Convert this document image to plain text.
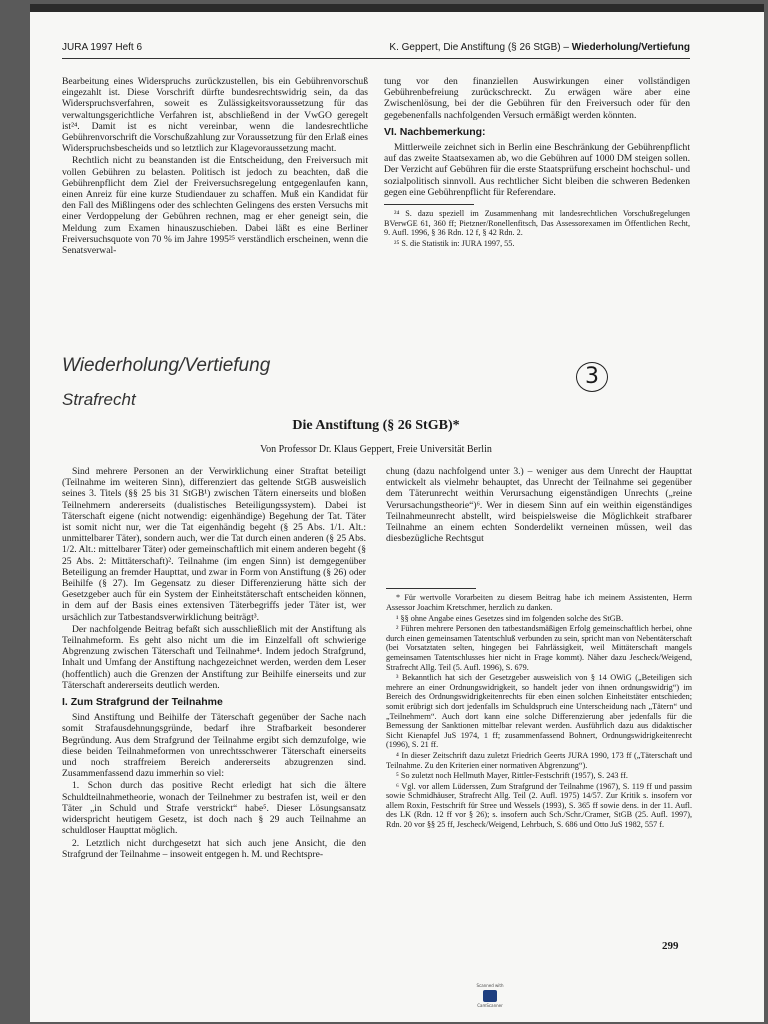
JURA 1997 Heft 6	K. Geppert, Die Anstiftung (§ 26 StGB) – Wiederholung/Vertiefung

Bearbeitung eines Widerspruchs zurückzustellen, bis ein Gebührenvorschuß eingezahlt ist. Diese Vorschrift dürfte bundesrechtswidrig sein, da das Widerspruchsverfahren, soweit es Zulässigkeitsvoraussetzung für das verwaltungsgerichtliche Verfahren ist, abschließend in der VwGO geregelt ist²⁴. Damit ist es nicht vereinbar, wenn die landesrechtliche Gebührenvorschrift die Vorschußzahlung zur Voraussetzung für den Erlaß eines Widerspruchsbescheids und so letztlich zur Klagevoraussetzung macht.

Rechtlich nicht zu beanstanden ist die Entscheidung, den Freiversuch mit vollen Gebühren zu belasten. Politisch ist jedoch zu beachten, daß die Gebührenpflicht dem Ziel der Freiversuchsregelung entgegenlaufen kann, einen Anreiz für eine kurze Studiendauer zu schaffen. Muß ein Kandidat für den Fall des Mißlingens oder des schlechten Gelingens des ersten Versuchs mit einer Verdoppelung der Gebühren rechnen, mag er eher geneigt sein, die Meldung zum Examen hinauszuschieben. Dabei läßt es eine Berliner Freiversuchsquote von 70 % im Jahre 1995²⁵ verständlich erscheinen, wenn die Senatsverwal-

tung vor den finanziellen Auswirkungen einer vollständigen Gebührenbefreiung zurückschreckt. Zu erwägen wäre aber eine Zwischenlösung, bei der die Gebühren für den Freiversuch oder für den gegebenenfalls nachfolgenden Versuch ermäßigt werden könnten.

VI. Nachbemerkung:

Mittlerweile zeichnet sich in Berlin eine Beschränkung der Gebührenpflicht auf das zweite Staatsexamen ab, wo die Gebühren auf 1000 DM steigen sollen. Der Verzicht auf Gebühren für die erste Staatsprüfung erscheint hochschul- und sozialpolitisch sinnvoll. Aus rechtlicher Sicht bleiben die schweren Bedenken gegen eine Gebührenpflicht für Referendare.

²⁴ S. dazu speziell im Zusammenhang mit landesrechtlichen Vorschußregelungen BVerwGE 61, 360 ff; Pietzner/Ronellenfitsch, Das Assessorexamen im Öffentlichen Recht, 9. Aufl. 1996, § 36 Rdn. 12 f, § 42 Rdn. 2.

²⁵ S. die Statistik in: JURA 1997, 55.

Wiederholung/Vertiefung
Strafrecht
3
Die Anstiftung (§ 26 StGB)*
Von Professor Dr. Klaus Geppert, Freie Universität Berlin

Sind mehrere Personen an der Verwirklichung einer Straftat beteiligt (Teilnahme im weiteren Sinn), differenziert das geltende StGB ausweislich seines 3. Titels (§§ 25 bis 31 StGB¹) zwischen Tätern einerseits und bloßen Teilnehmern andererseits (dualistisches Beteiligungssystem). Dabei ist Täterschaft eigene (nicht notwendig: eigenhändige) Begehung der Tat. Täter ist somit nicht nur, wer die Tat eigenhändig begeht (§ 25 Abs. 1/1. Alt.: unmittelbarer Täter), sondern auch, wer die Tat durch einen anderen (§ 25 Abs. 1/2. Alt.: mittelbarer Täter) oder gemeinschaftlich mit einem anderen begeht (§ 25 Abs. 2: Mittäterschaft)². Teilnahme (im engen Sinn) ist demgegenüber Beteiligung an fremder Haupttat, und zwar in Form von Anstiftung (§ 26) oder Beihilfe (§ 27). Im Gegensatz zu dieser Differenzierung hätte sich der Gesetzgeber auch für ein System der Einheitstäterschaft entscheiden können, in dem auf der Basis eines extensiven Täterbegriffs jeder Täter ist, wer ursächlich zur Tatbestandsverwirklichung beiträgt³.

Der nachfolgende Beitrag befaßt sich ausschließlich mit der Anstiftung als Teilnahmeform. Es geht also nicht um die im Einzelfall oft schwierige Abgrenzung zwischen Täterschaft und Teilnahme⁴. Indem jedoch Strafgrund, Inhalt und Umfang der Anstiftung nachgezeichnet werden, werden dem Leser (hoffentlich) auch die Grenzen der Anstiftung zur Beihilfe einerseits und zur Täterschaft andererseits deutlich werden.

I. Zum Strafgrund der Teilnahme

Sind Anstiftung und Beihilfe der Täterschaft gegenüber der Sache nach somit Strafausdehnungsgründe, bedarf ihre Strafbarkeit besonderer Begründung. Aus dem Strafgrund der Teilnahme ergibt sich demzufolge, wie diese beiden Teilnahmeformen von unrechtsschwerer Täterschaft einerseits und noch straffreiem Bereich andererseits abzugrenzen sind. Zusammenfassend dazu immerhin so viel:

1. Schon durch das positive Recht erledigt hat sich die ältere Schuldteilnahmetheorie, wonach der Teilnehmer zu bestrafen ist, weil er den Täter „in Schuld und Strafe verstrickt“ habe⁵. Dieser Lösungsansatz widerspricht heutigem Gesetz, ist doch nach § 29 auch Teilnahme an schuldloser Haupttat möglich.

2. Letztlich nicht durchgesetzt hat sich auch jene Ansicht, die den Strafgrund der Teilnahme – insoweit entgegen h. M. und Rechtspre-

chung (dazu nachfolgend unter 3.) – weniger aus dem Unrecht der Haupttat entwickelt als vielmehr behauptet, das Unrecht der Teilnahme sei gegenüber dem Täterunrecht weithin Verursachung eigenständigen Unrechts („reine Verursachungstheorie“)⁶. Wer in diesem Sinn auf ein weithin eigenständiges Teilnahmeunrecht abstellt, wird beispielsweise die Möglichkeit strafbarer Teilnahme an einem echten Sonderdelikt verneinen müssen, weil das diesbezügliche Rechtsgut

* Für wertvolle Vorarbeiten zu diesem Beitrag habe ich meinem Assistenten, Herrn Assessor Joachim Kretschmer, herzlich zu danken.

¹ §§ ohne Angabe eines Gesetzes sind im folgenden solche des StGB.

² Führen mehrere Personen den tatbestandsmäßigen Erfolg gemeinschaftlich herbei, ohne durch einen gemeinsamen Tatentschluß verbunden zu sein, spricht man von Nebentäterschaft (bei Vorsatztaten selten, hingegen bei Fahrlässigkeit, weil Mittäterschaft mangels gemeinsamen Tatentschlusses hier nicht in Frage kommt). Näher dazu Jescheck/Weigend, Strafrecht Allg. Teil (5. Aufl. 1996), S. 679.

³ Bekanntlich hat sich der Gesetzgeber ausweislich von § 14 OWiG („Beteiligen sich mehrere an einer Ordnungswidrigkeit, so handelt jeder von ihnen ordnungswidrig“) im Bereich des Ordnungswidrigkeitenrechts für eben einen solchen Einheitstäter entschieden; somit erübrigt sich dort jedenfalls im Schuldspruch eine Unterscheidung nach „Tätern“ und „Teilnehmern“. Auch dort kann eine solche Differenzierung aber jedenfalls für die Bemessung der Sanktionen mittelbar relevant werden. Ausführlich dazu aus didaktischer Sicht Kienapfel JuS 1974, 1 ff; zusammenfassend Bohnert, Ordnungswidrigkeitenrecht (1996), S. 21 ff.

⁴ In dieser Zeitschrift dazu zuletzt Friedrich Geerts JURA 1990, 173 ff („Täterschaft und Teilnahme. Zu den Kriterien einer normativen Abgrenzung“).

⁵ So zuletzt noch Hellmuth Mayer, Rittler-Festschrift (1957), S. 243 ff.

⁶ Vgl. vor allem Lüderssen, Zum Strafgrund der Teilnahme (1967), S. 119 ff und passim sowie Schmidhäuser, Strafrecht Allg. Teil (2. Aufl. 1975) 14/57. Zur Kritik s. insofern vor allem Roxin, Festschrift für Stree und Wessels (1993), S. 365 ff sowie dens. in der 11. Aufl. des LK (Rdn. 12 ff vor § 26); s. insofern auch Sch./Schr./Cramer, StGB (25. Aufl. 1997), Rdn. 20 vor §§ 25 ff, Jescheck/Weigend, Lehrbuch, S. 686 und Otto JuS 1982, 557 f.

299
Scanned with
CamScanner
